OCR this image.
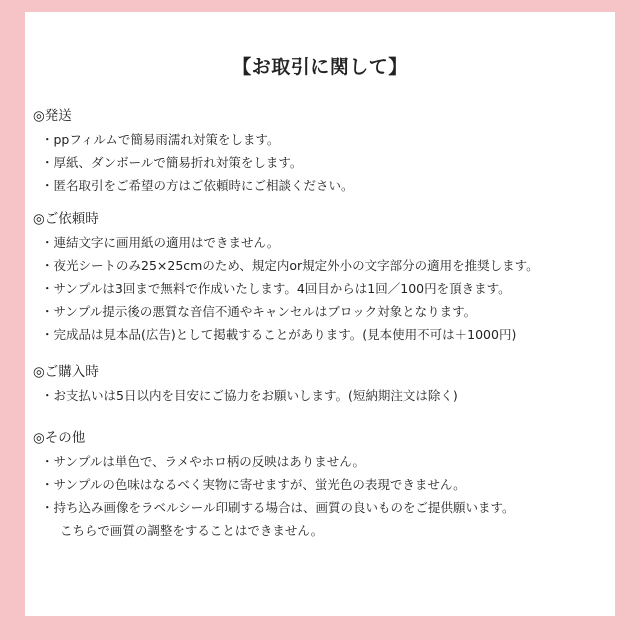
【お取引に関して】
◎発送
・ppフィルムで簡易雨濡れ対策をします。
・厚紙、ダンボールで簡易折れ対策をします。
・匿名取引をご希望の方はご依頼時にご相談ください。
◎ご依頼時
・連結文字に画用紙の適用はできません。
・夜光シートのみ25×25cmのため、規定内or規定外小の文字部分の適用を推奨します。
・サンプルは3回まで無料で作成いたします。4回目からは1回／100円を頂きます。
・サンプル提示後の悪質な音信不通やキャンセルはブロック対象となります。
・完成品は見本品(広告)として掲載することがあります。(見本使用不可は＋1000円)
◎ご購入時
・お支払いは5日以内を目安にご協力をお願いします。(短納期注文は除く)
◎その他
・サンプルは単色で、ラメやホロ柄の反映はありません。
・サンプルの色味はなるべく実物に寄せますが、蛍光色の表現できません。
・持ち込み画像をラベルシール印刷する場合は、画質の良いものをご提供願います。
こちらで画質の調整をすることはできません。
